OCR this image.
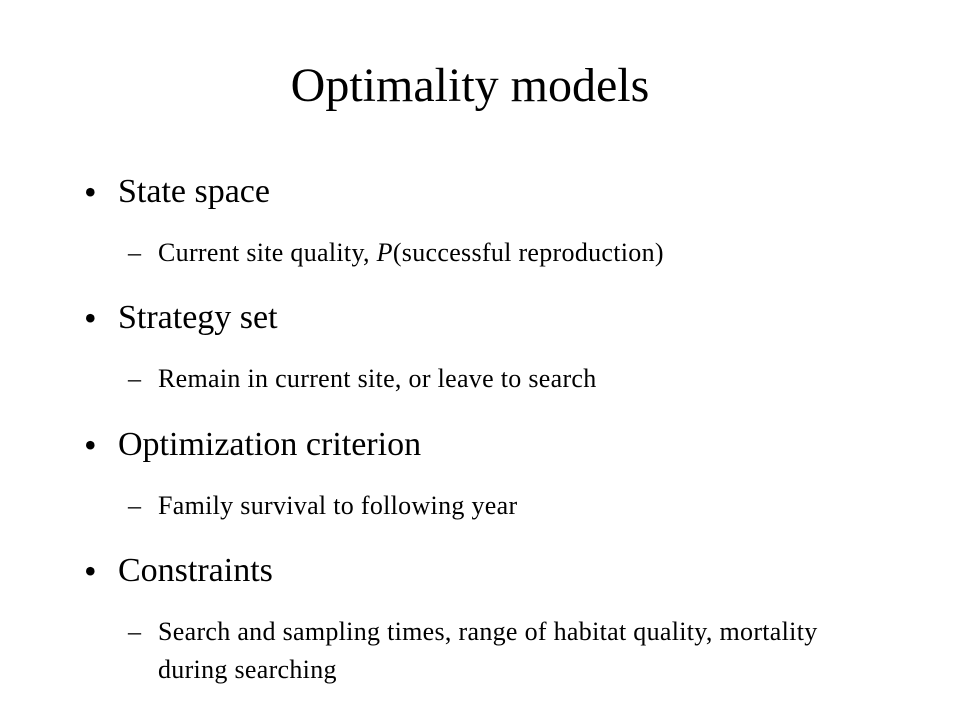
Optimality models
• State space
– Current site quality, P(successful reproduction)
• Strategy set
– Remain in current site, or leave to search
• Optimization criterion
– Family survival to following year
• Constraints
– Search and sampling times, range of habitat quality, mortality during searching
